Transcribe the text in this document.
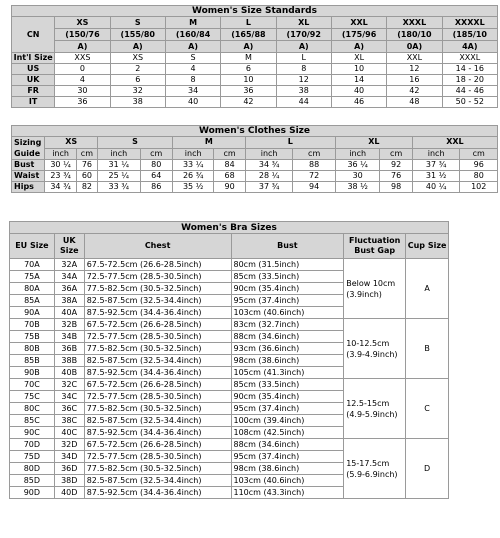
Women's Size Standards								
CN	XS	S	M	L	XL	XXL	XXXL	XXXXL
	(150/76	(155/80	(160/84	(165/88	(170/92	(175/96	(180/10	(185/10
	A)	A)	A)	A)	A)	A)	0A)	4A)
Int'l Size	XXS	XS	S	M	L	XL	XXL	XXXL
US	0	2	4	6	8	10	12	14 - 16
UK	4	6	8	10	12	14	16	18 - 20
FR	30	32	34	36	38	40	42	44 - 46
IT	36	38	40	42	44	46	48	50 - 52
Women's Clothes Size												
Sizing Guide	XS		S		M		L		XL		XXL	
	inch	cm	inch	cm	inch	cm	inch	cm	inch	cm	inch	cm
Bust	30 ¼	76	31 ¼	80	33 ¼	84	34 ¾	88	36 ¼	92	37 ¾	96
Waist	23 ¾	60	25 ¼	64	26 ¾	68	28 ¼	72	30	76	31 ½	80
Hips	34 ¾	82	33 ¾	86	35 ½	90	37 ¾	94	38 ½	98	40 ¼	102
Women's Bra Sizes					
EU Size	UK Size	Chest	Bust	Fluctuation Bust Gap	Cup Size
70A	32A	67.5-72.5cm (26.6-28.5inch)	80cm (31.5inch)	Below 10cm
(3.9inch)	A
75A	34A	72.5-77.5cm (28.5-30.5inch)	85cm (33.5inch)		
80A	36A	77.5-82.5cm (30.5-32.5inch)	90cm (35.4inch)		
85A	38A	82.5-87.5cm (32.5-34.4inch)	95cm (37.4inch)		
90A	40A	87.5-92.5cm (34.4-36.4inch)	103cm (40.6inch)		
70B	32B	67.5-72.5cm (26.6-28.5inch)	83cm (32.7inch)	10-12.5cm
(3.9-4.9inch)	B
75B	34B	72.5-77.5cm (28.5-30.5inch)	88cm (34.6inch)		
80B	36B	77.5-82.5cm (30.5-32.5inch)	93cm (36.6inch)		
85B	38B	82.5-87.5cm (32.5-34.4inch)	98cm (38.6inch)		
90B	40B	87.5-92.5cm (34.4-36.4inch)	105cm (41.3inch)		
70C	32C	67.5-72.5cm (26.6-28.5inch)	85cm (33.5inch)	12.5-15cm
(4.9-5.9inch)	C
75C	34C	72.5-77.5cm (28.5-30.5inch)	90cm (35.4inch)		
80C	36C	77.5-82.5cm (30.5-32.5inch)	95cm (37.4inch)		
85C	38C	82.5-87.5cm (32.5-34.4inch)	100cm (39.4inch)		
90C	40C	87.5-92.5cm (34.4-36.4inch)	108cm (42.5inch)		
70D	32D	67.5-72.5cm (26.6-28.5inch)	88cm (34.6inch)	15-17.5cm
(5.9-6.9inch)	D
75D	34D	72.5-77.5cm (28.5-30.5inch)	95cm (37.4inch)		
80D	36D	77.5-82.5cm (30.5-32.5inch)	98cm (38.6inch)		
85D	38D	82.5-87.5cm (32.5-34.4inch)	103cm (40.6inch)		
90D	40D	87.5-92.5cm (34.4-36.4inch)	110cm (43.3inch)		
